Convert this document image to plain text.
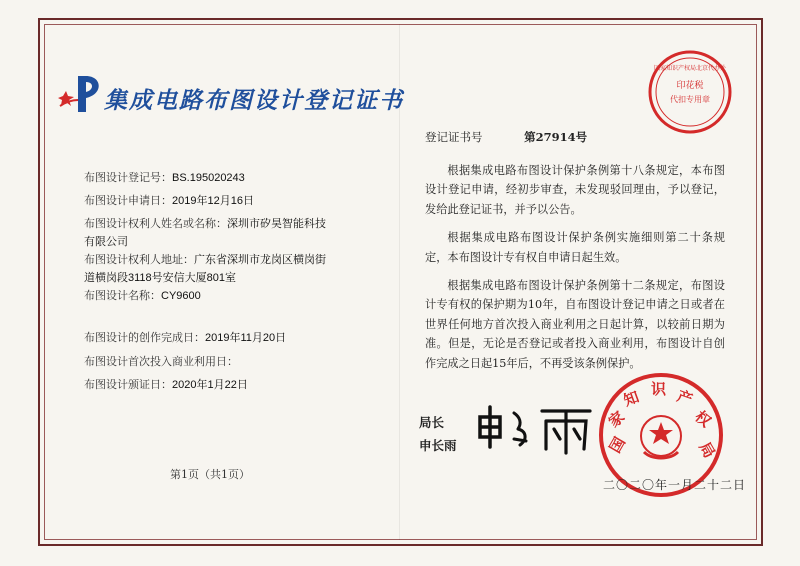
集成电路布图设计登记证书
印花税
代扣专用章
国家知识产权局北京代办处
登记证书号	第27914号
布图设计登记号：BS.195020243
布图设计申请日：2019年12月16日
布图设计权利人姓名或名称：深圳市矽昊智能科技有限公司
布图设计权利人地址：广东省深圳市龙岗区横岗街道横岗段3118号安信大厦801室
布图设计名称：CY9600
布图设计的创作完成日：2019年11月20日
布图设计首次投入商业利用日：
布图设计颁证日：2020年1月22日
第1页（共1页）

根据集成电路布图设计保护条例第十八条规定，本布图设计登记申请，经初步审查，未发现驳回理由，予以登记，发给此登记证书，并予以公告。

根据集成电路布图设计保护条例实施细则第二十条规定，本布图设计专有权自申请日起生效。

根据集成电路布图设计保护条例第十二条规定，布图设计专有权的保护期为10年，自布图设计登记申请之日或者在世界任何地方首次投入商业利用之日起计算，以较前日期为准。但是，无论是否登记或者投入商业利用，布图设计自创作完成之日起15年后，不再受该条例保护。

局长
申长雨	国
家
知 识 产
权
局
二〇二〇年一月二十二日
